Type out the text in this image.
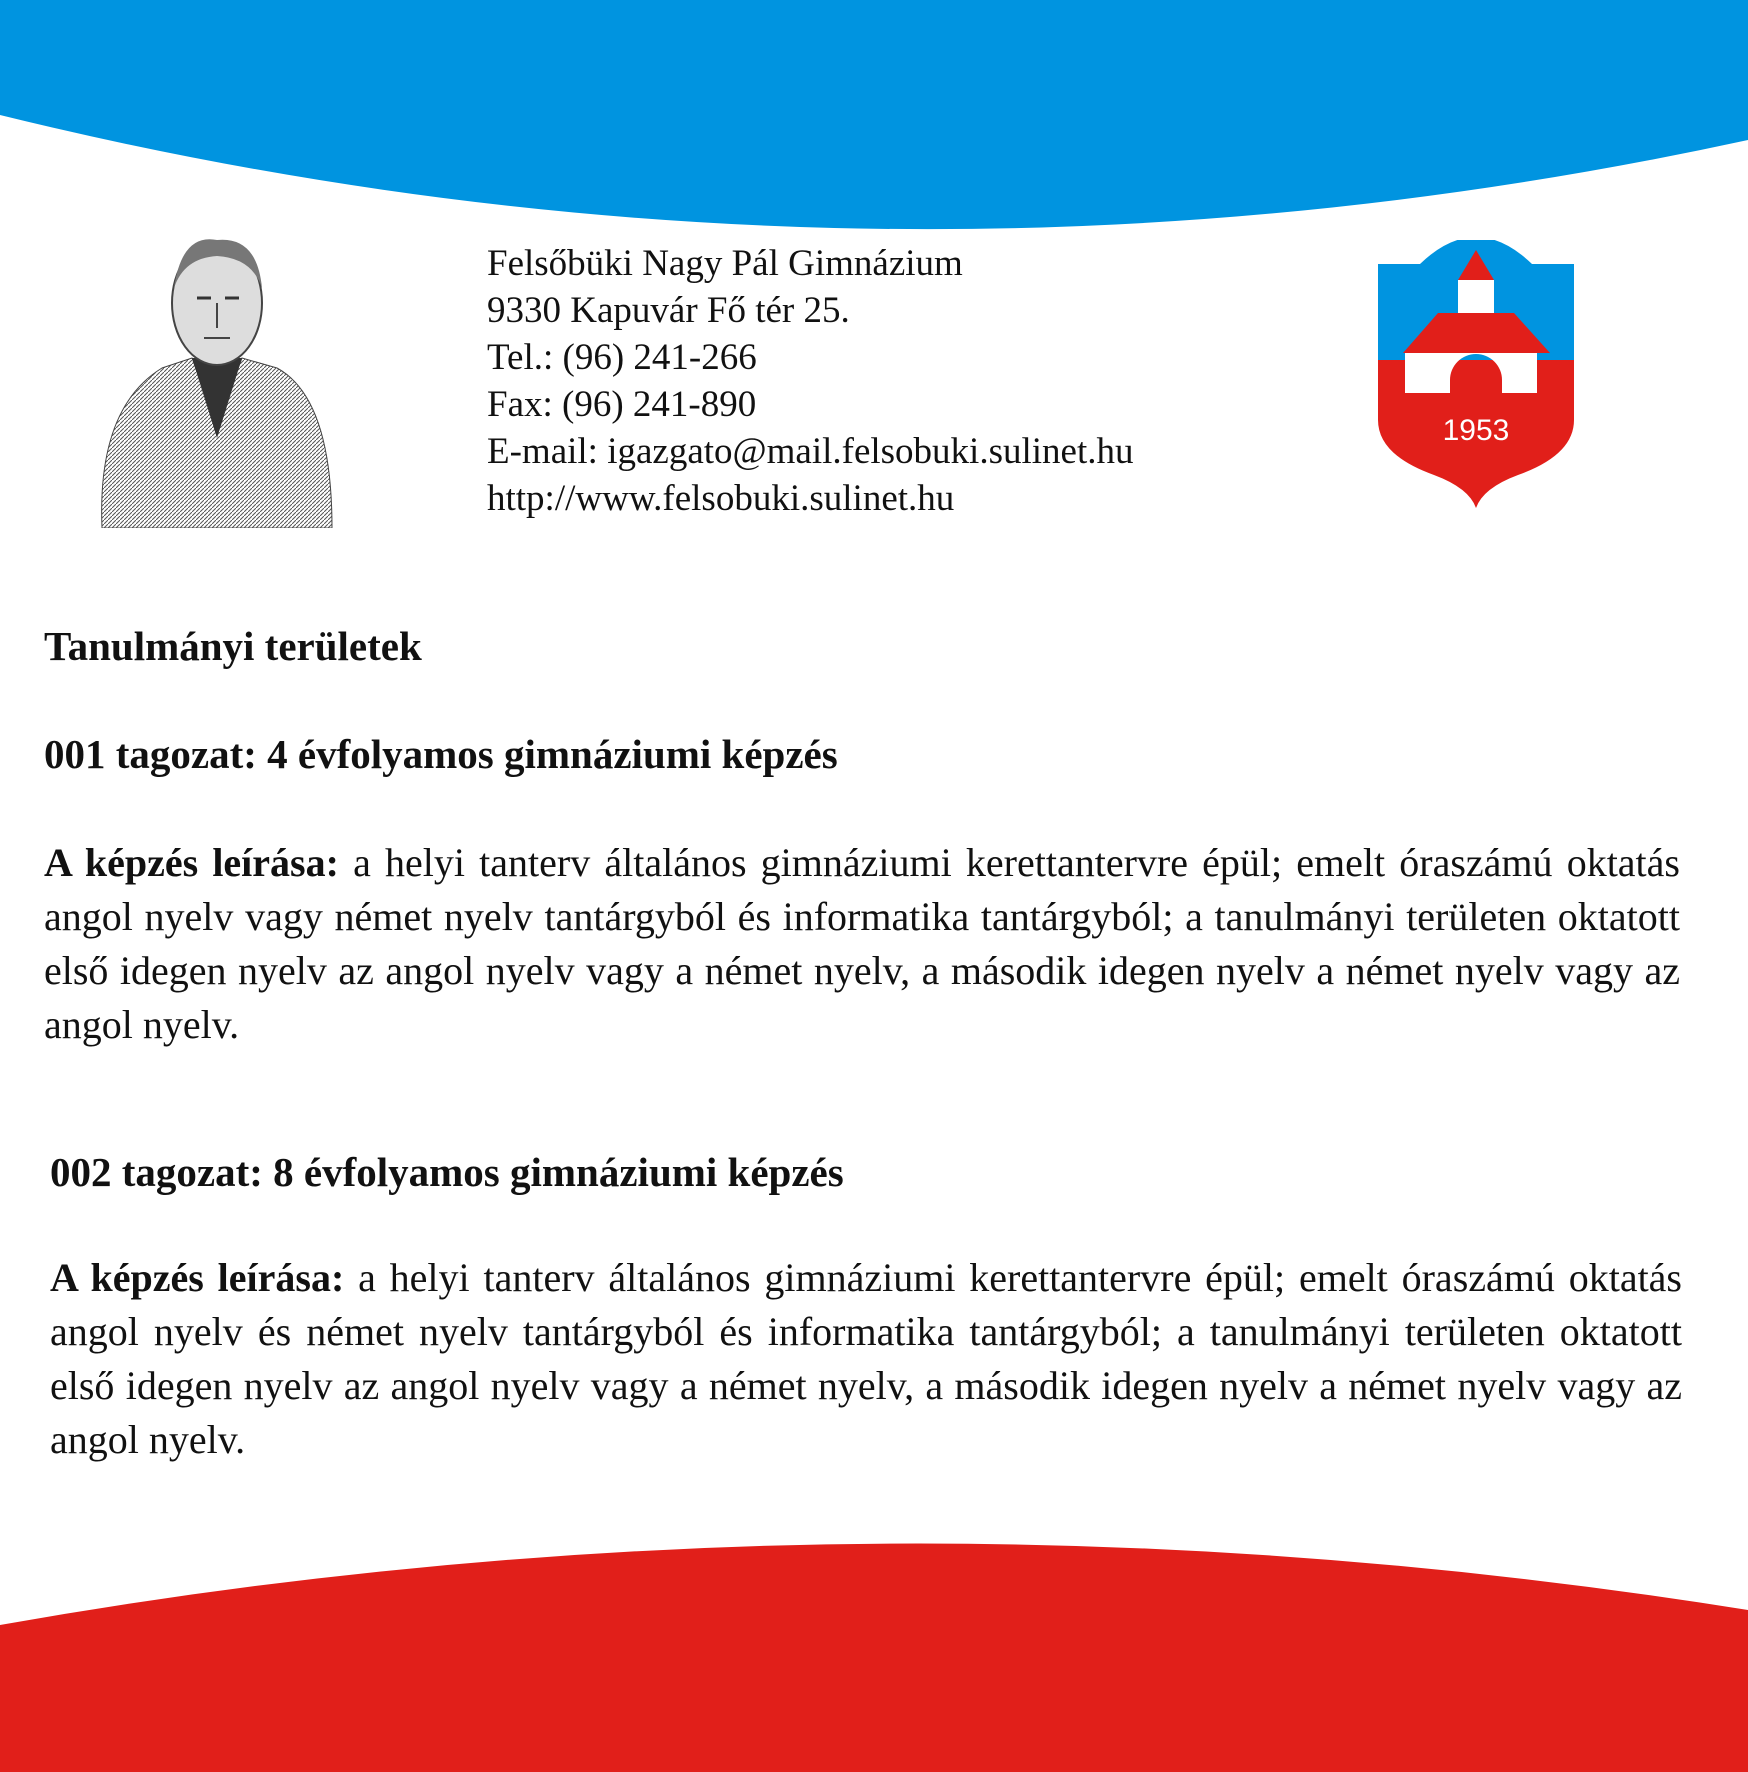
Felsőbüki Nagy Pál Gimnázium
9330 Kapuvár Fő tér 25.
Tel.: (96) 241-266
Fax: (96) 241-890
E-mail: igazgato@mail.felsobuki.sulinet.hu
http://www.felsobuki.sulinet.hu
1953
Tanulmányi területek
001 tagozat: 4 évfolyamos gimnáziumi képzés
A képzés leírása: a helyi tanterv általános gimnáziumi kerettantervre épül; emelt óraszámú oktatás angol nyelv vagy német nyelv tantárgyból és informatika tantárgyból; a tanulmányi területen oktatott első idegen nyelv az angol nyelv vagy a német nyelv, a második idegen nyelv a német nyelv vagy az angol nyelv.
002 tagozat: 8 évfolyamos gimnáziumi képzés
A képzés leírása: a helyi tanterv általános gimnáziumi kerettantervre épül; emelt óraszámú oktatás angol nyelv és német nyelv tantárgyból és informatika tantárgyból; a tanulmányi területen oktatott első idegen nyelv az angol nyelv vagy a német nyelv, a második idegen nyelv a német nyelv vagy az angol nyelv.
